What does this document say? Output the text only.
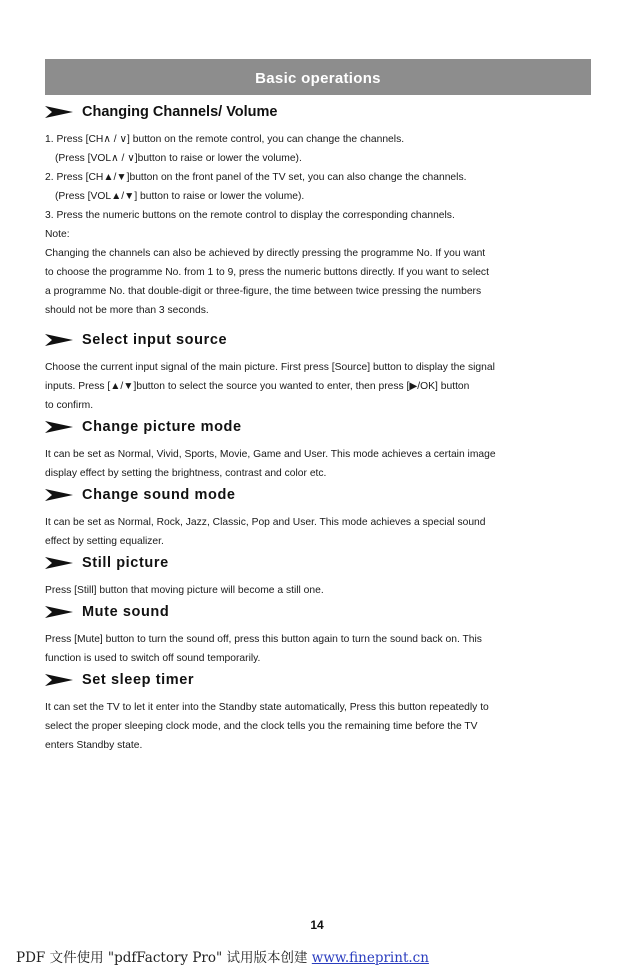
Basic operations
Changing Channels/ Volume

1. Press [CH∧ / ∨] button on the remote control, you can change the channels.

(Press [VOL∧ / ∨]button to raise or lower the volume).

2. Press [CH▲/▼]button on the front panel of the TV set, you can also change the channels.

(Press [VOL▲/▼] button to raise or lower the volume).

3. Press the numeric buttons on the remote control to display the corresponding channels.

Note:

Changing the channels can also be achieved by directly pressing the programme No. If you want

to choose the programme No. from 1 to 9, press the numeric buttons directly. If you want to select

a programme No. that double-digit or three-figure, the time between twice pressing the numbers

should not be more than 3 seconds.

Select input source

Choose the current input signal of the main picture. First press [Source] button to display the signal

inputs. Press [▲/▼]button to select the source you wanted to enter, then press [▶/OK] button

to confirm.

Change picture mode

It can be set as Normal, Vivid, Sports, Movie, Game and User. This mode achieves a certain image

display effect by setting the brightness, contrast and color etc.

Change sound mode

It can be set as Normal, Rock, Jazz, Classic, Pop and User. This mode achieves a special sound

effect by setting equalizer.

Still picture

Press [Still] button that moving picture will become a still one.

Mute sound

Press [Mute] button to turn the sound off, press this button again to turn the sound back on. This

function is used to switch off sound temporarily.

Set sleep timer

It can set the TV to let it enter into the Standby state automatically, Press this button repeatedly to

select the proper sleeping clock mode, and the clock tells you the remaining time before the TV

enters Standby state.

14
PDF 文件使用 "pdfFactory Pro" 试用版本创建 www.fineprint.cn
